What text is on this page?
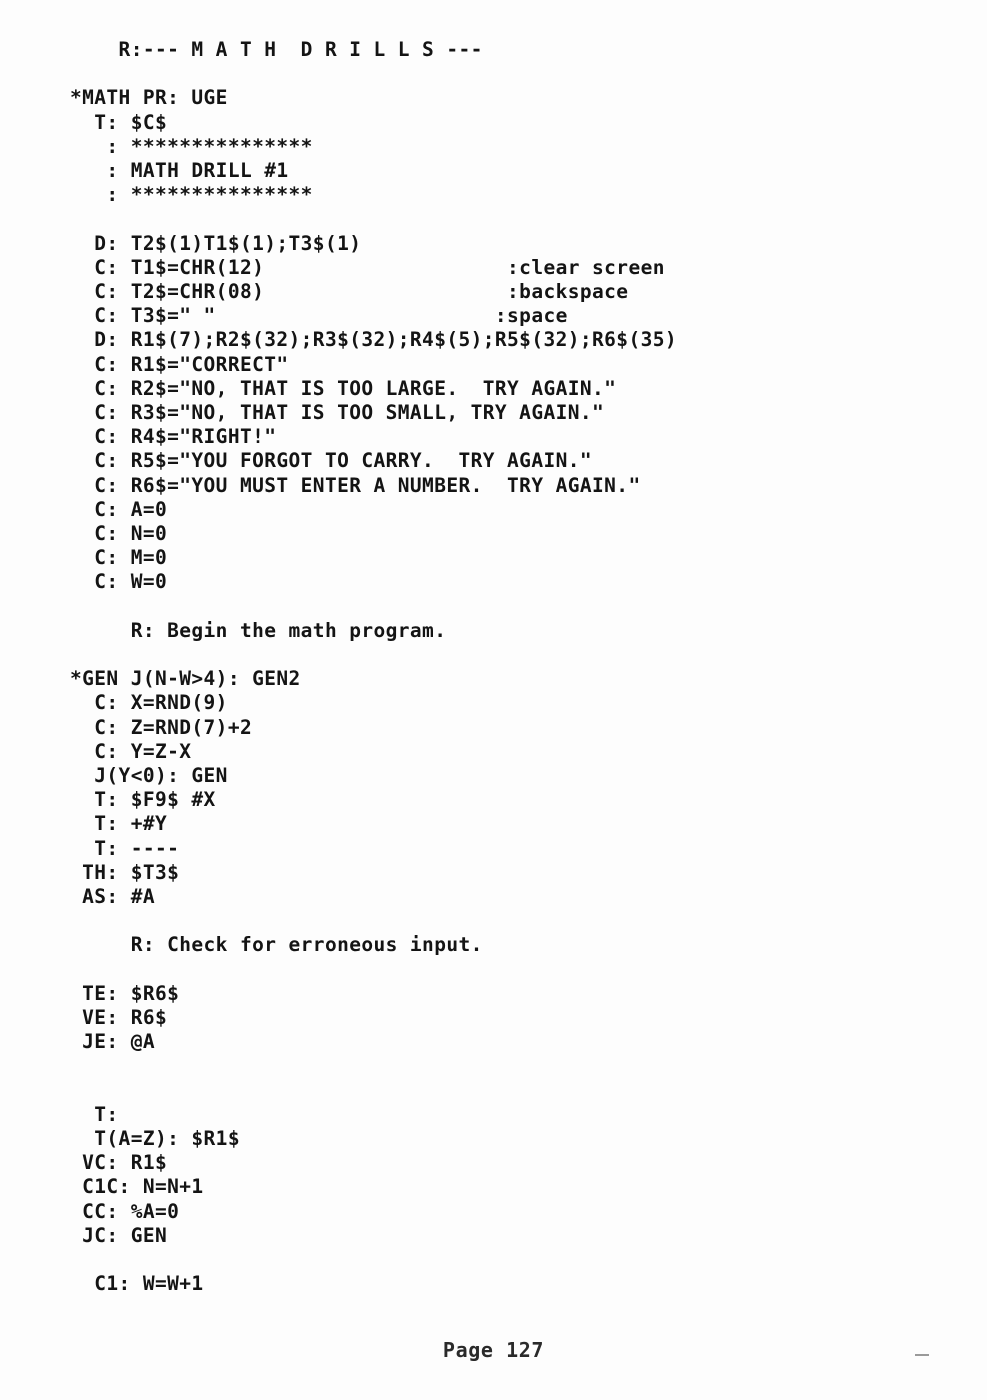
R:--- M A T H  D R I L L S ---
*MATH PR: UGE
T: $C$
: ***************
: MATH DRILL #1
: ***************
D: T2$(1)T1$(1);T3$(1)
C: T1$=CHR(12)                    :clear screen
C: T2$=CHR(08)                    :backspace
C: T3$=" "                       :space
D: R1$(7);R2$(32);R3$(32);R4$(5);R5$(32);R6$(35)
C: R1$="CORRECT"
C: R2$="NO, THAT IS TOO LARGE.  TRY AGAIN."
C: R3$="NO, THAT IS TOO SMALL, TRY AGAIN."
C: R4$="RIGHT!"
C: R5$="YOU FORGOT TO CARRY.  TRY AGAIN."
C: R6$="YOU MUST ENTER A NUMBER.  TRY AGAIN."
C: A=0
C: N=0
C: M=0
C: W=0
R: Begin the math program.
*GEN J(N-W>4): GEN2
C: X=RND(9)
C: Z=RND(7)+2
C: Y=Z-X
J(Y<0): GEN
T: $F9$ #X
T: +#Y
T: ----
TH: $T3$
AS: #A
R: Check for erroneous input.
TE: $R6$
VE: R6$
JE: @A
T:
T(A=Z): $R1$
VC: R1$
C1C: N=N+1
CC: %A=0
JC: GEN
C1: W=W+1
Page 127
